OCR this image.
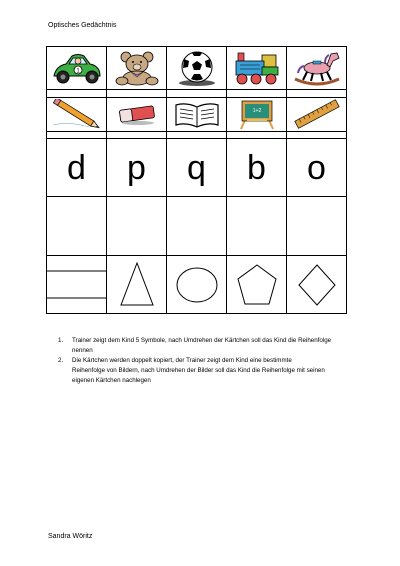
Optisches Gedächtnis
1

1+2

d	p	q	b	o

1. Trainer zeigt dem Kind 5 Symbole, nach Umdrehen der Kärtchen soll das Kind die Reihenfolge
nennen
2. Die Kärtchen werden doppelt kopiert, der Trainer zeigt dem Kind eine bestimmte
Reihenfolge von Bildern, nach Umdrehen der Bilder soll das Kind die Reihenfolge mit seinen
eigenen Kärtchen nachlegen
Sandra Wöritz
